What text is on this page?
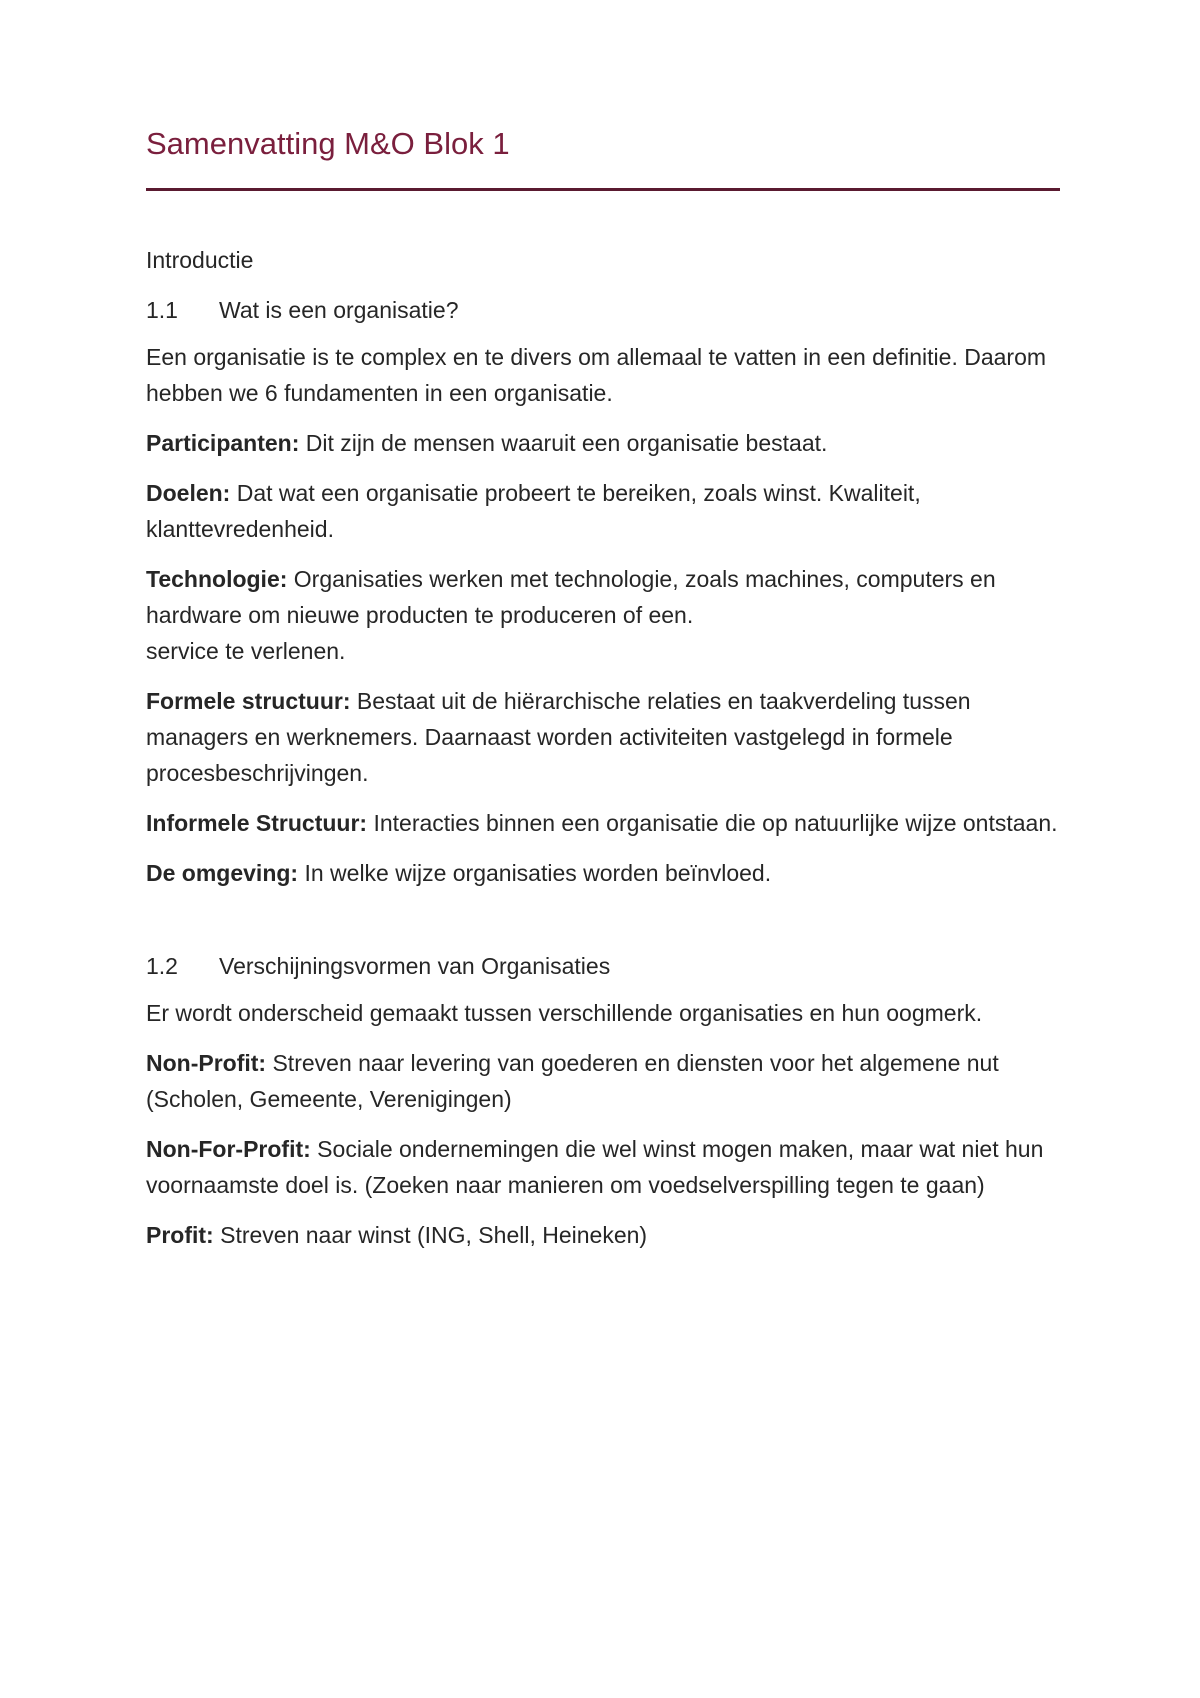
Samenvatting M&O Blok 1

Introductie

1.1	Wat is een organisatie?

Een organisatie is te complex en te divers om allemaal te vatten in een definitie. Daarom hebben we 6 fundamenten in een organisatie.

Participanten: Dit zijn de mensen waaruit een organisatie bestaat.

Doelen: Dat wat een organisatie probeert te bereiken, zoals winst. Kwaliteit, klanttevredenheid.

Technologie: Organisaties werken met technologie, zoals machines, computers en hardware om nieuwe producten te produceren of een.
service te verlenen.

Formele structuur: Bestaat uit de hiërarchische relaties en taakverdeling tussen managers en werknemers. Daarnaast worden activiteiten vastgelegd in formele procesbeschrijvingen.

Informele Structuur: Interacties binnen een organisatie die op natuurlijke wijze ontstaan.

De omgeving: In welke wijze organisaties worden beïnvloed.

1.2	Verschijningsvormen van Organisaties

Er wordt onderscheid gemaakt tussen verschillende organisaties en hun oogmerk.

Non-Profit: Streven naar levering van goederen en diensten voor het algemene nut (Scholen, Gemeente, Verenigingen)

Non-For-Profit: Sociale ondernemingen die wel winst mogen maken, maar wat niet hun voornaamste doel is. (Zoeken naar manieren om voedselverspilling tegen te gaan)

Profit: Streven naar winst (ING, Shell, Heineken)
